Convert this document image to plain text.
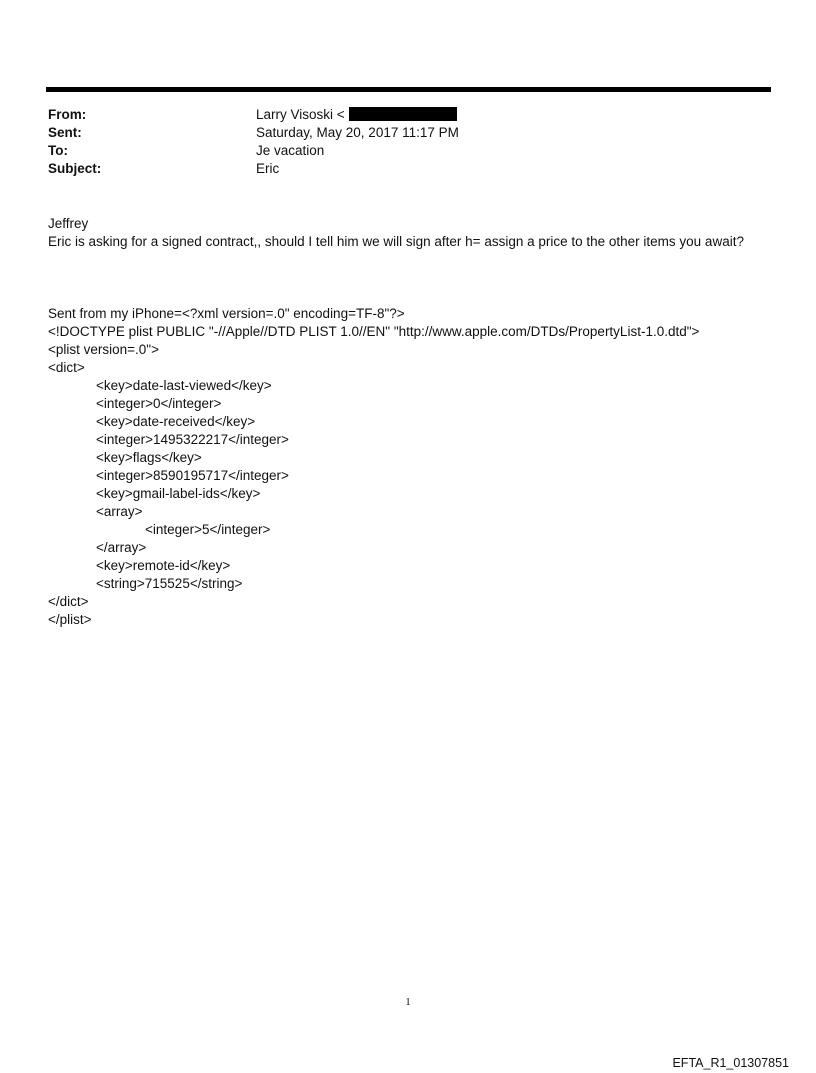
From:	Larry Visoski <
Sent:	Saturday, May 20, 2017 11:17 PM
To:	Je vacation
Subject:	Eric
Jeffrey
Eric is asking for a signed contract,, should I tell him we will sign after h= assign a price to the other items you await?
Sent from my iPhone=<?xml version=.0" encoding=TF-8"?>
<!DOCTYPE plist PUBLIC "-//Apple//DTD PLIST 1.0//EN" "http://www.apple.com/DTDs/PropertyList-1.0.dtd">
<plist version=.0">
<dict>
<key>date-last-viewed</key>
<integer>0</integer>
<key>date-received</key>
<integer>1495322217</integer>
<key>flags</key>
<integer>8590195717</integer>
<key>gmail-label-ids</key>
<array>
<integer>5</integer>
</array>
<key>remote-id</key>
<string>715525</string>
</dict>
</plist>
1
EFTA_R1_01307851
